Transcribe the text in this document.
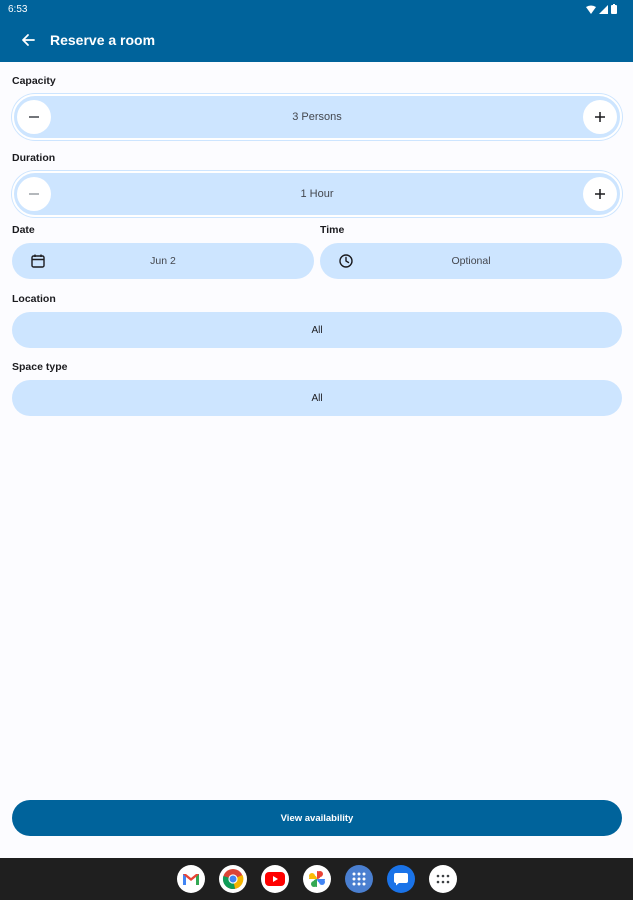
6:53
Reserve a room
Capacity
3 Persons
Duration
1 Hour
Date	Time
Jun 2	Optional
Location
All
Space type
All
View availability
